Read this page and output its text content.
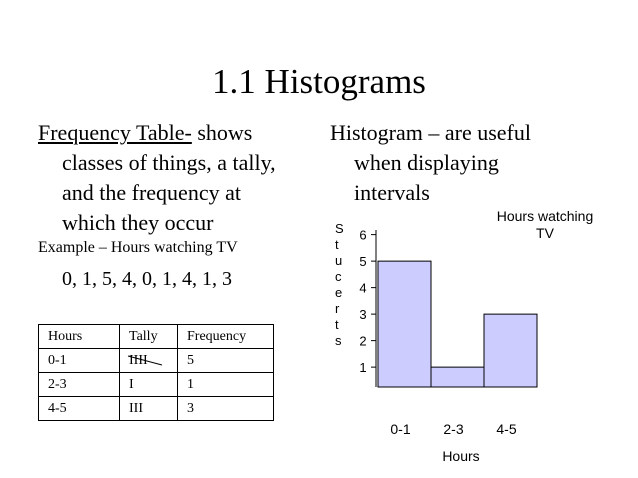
1.1 Histograms
Frequency Table- shows
classes of things, a tally,
and the frequency at
which they occur
Example – Hours watching TV
0, 1, 5, 4, 0, 1, 4, 1, 3
Histogram – are useful
when displaying
intervals
Hours	Tally	Frequency
0-1	IIII	5
2-3	I	1
4-5	III	3
S
t
u
c
e
r
t
s
1
2
3
4
5
6
0-1 2-3 4-5
Hours watching
TV
Hours
